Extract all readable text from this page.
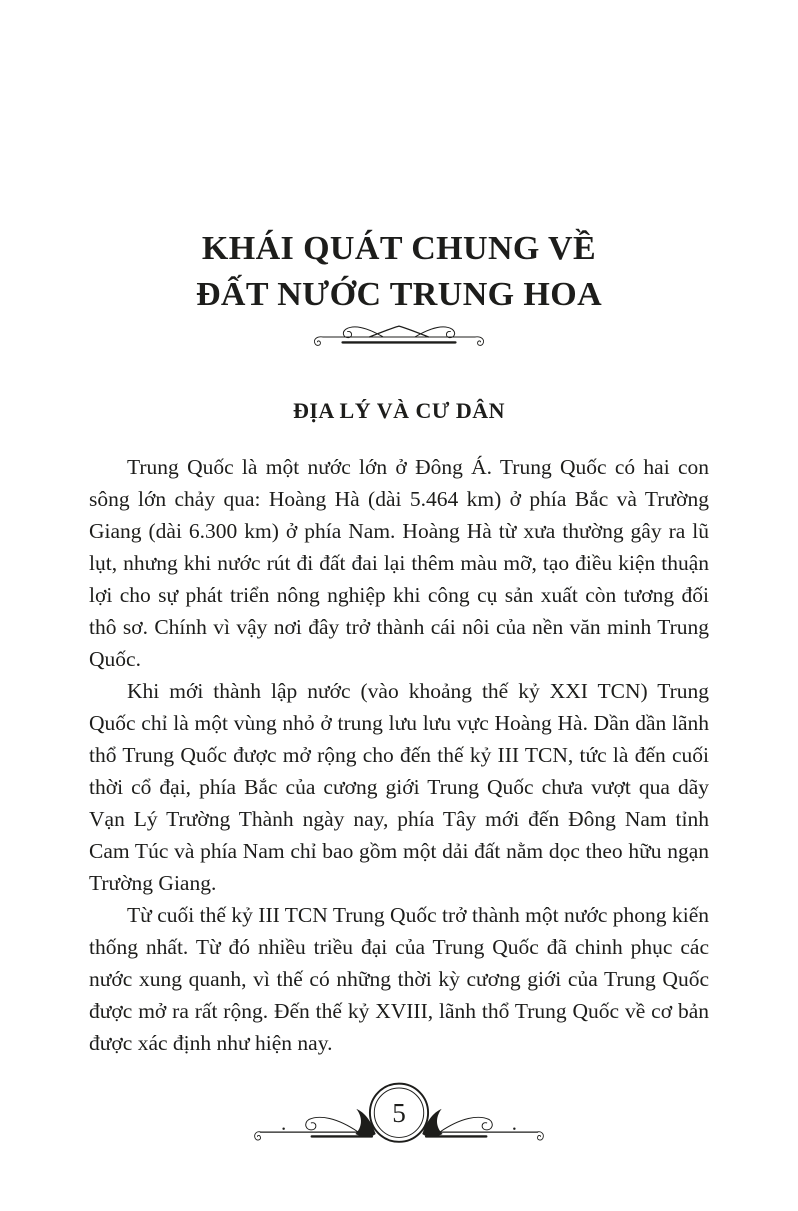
KHÁI QUÁT CHUNG VỀ
ĐẤT NƯỚC TRUNG HOA
ĐỊA LÝ VÀ CƯ DÂN

Trung Quốc là một nước lớn ở Đông Á. Trung Quốc có hai con sông lớn chảy qua: Hoàng Hà (dài 5.464 km) ở phía Bắc và Trường Giang (dài 6.300 km) ở phía Nam. Hoàng Hà từ xưa thường gây ra lũ lụt, nhưng khi nước rút đi đất đai lại thêm màu mỡ, tạo điều kiện thuận lợi cho sự phát triển nông nghiệp khi công cụ sản xuất còn tương đối thô sơ. Chính vì vậy nơi đây trở thành cái nôi của nền văn minh Trung Quốc.

Khi mới thành lập nước (vào khoảng thế kỷ XXI TCN) Trung Quốc chỉ là một vùng nhỏ ở trung lưu lưu vực Hoàng Hà. Dần dần lãnh thổ Trung Quốc được mở rộng cho đến thế kỷ III TCN, tức là đến cuối thời cổ đại, phía Bắc của cương giới Trung Quốc chưa vượt qua dãy Vạn Lý Trường Thành ngày nay, phía Tây mới đến Đông Nam tỉnh Cam Túc và phía Nam chỉ bao gồm một dải đất nằm dọc theo hữu ngạn Trường Giang.

Từ cuối thế kỷ III TCN Trung Quốc trở thành một nước phong kiến thống nhất. Từ đó nhiều triều đại của Trung Quốc đã chinh phục các nước xung quanh, vì thế có những thời kỳ cương giới của Trung Quốc được mở ra rất rộng. Đến thế kỷ XVIII, lãnh thổ Trung Quốc về cơ bản được xác định như hiện nay.

5
